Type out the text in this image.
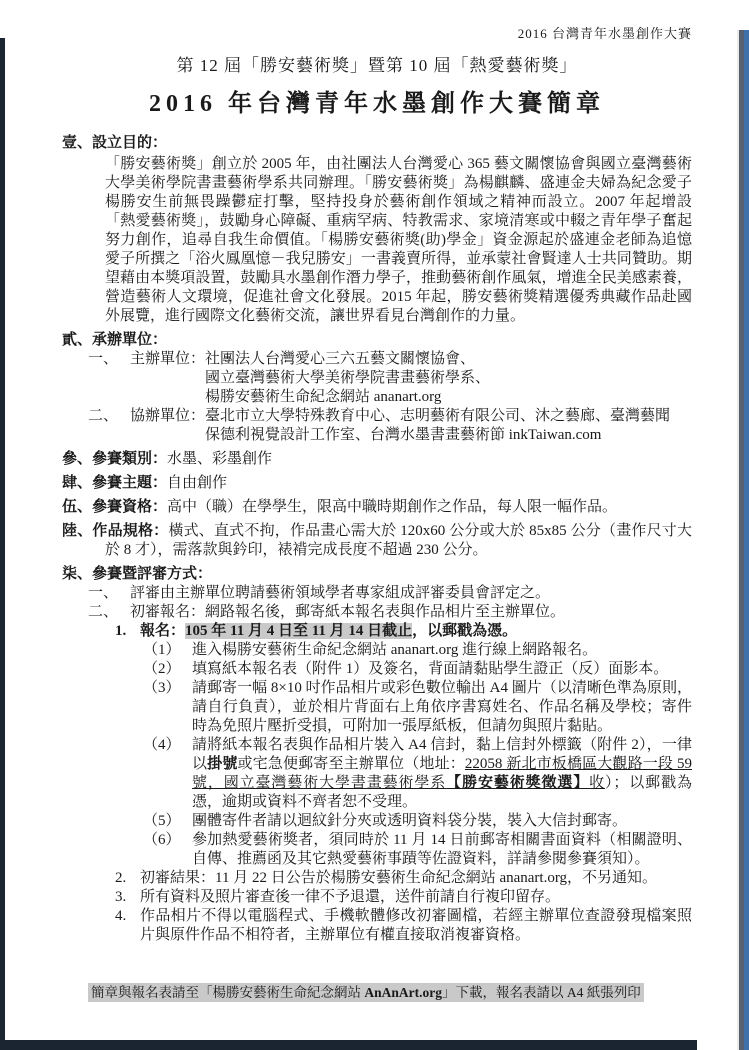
2016 台灣青年水墨創作大賽
第 12 屆「勝安藝術獎」暨第 10 屆「熱愛藝術獎」
2016 年台灣青年水墨創作大賽簡章
壹、設立目的：
「勝安藝術獎」創立於 2005 年，由社團法人台灣愛心 365 藝文關懷協會與國立臺灣藝術大學美術學院書畫藝術學系共同辦理。「勝安藝術獎」為楊麒麟、盛連金夫婦為紀念愛子楊勝安生前無畏躁鬱症打擊，堅持投身於藝術創作領域之精神而設立。2007 年起增設「熱愛藝術獎」，鼓勵身心障礙、重病罕病、特教需求、家境清寒或中輟之青年學子奮起努力創作，追尋自我生命價值。「楊勝安藝術獎(助)學金」資金源起於盛連金老師為追憶愛子所撰之「浴火鳳凰憶－我兒勝安」一書義賣所得，並承蒙社會賢達人士共同贊助。期望藉由本獎項設置，鼓勵具水墨創作潛力學子，推動藝術創作風氣，增進全民美感素養，營造藝術人文環境，促進社會文化發展。2015 年起，勝安藝術獎精選優秀典藏作品赴國外展覽，進行國際文化藝術交流，讓世界看見台灣創作的力量。
貳、承辦單位：
一、 主辦單位：社團法人台灣愛心三六五藝文關懷協會、
國立臺灣藝術大學美術學院書畫藝術學系、
楊勝安藝術生命紀念網站 ananart.org
二、 協辦單位：臺北市立大學特殊教育中心、志明藝術有限公司、沐之藝廊、臺灣藝聞
保德利視覺設計工作室、台灣水墨書畫藝術節 inkTaiwan.com
參、參賽類別：水墨、彩墨創作
肆、參賽主題：自由創作
伍、參賽資格：高中（職）在學學生，限高中職時期創作之作品，每人限一幅作品。
陸、作品規格：橫式、直式不拘，作品畫心需大於 120x60 公分或大於 85x85 公分（畫作尺寸大於 8 才），需落款與鈐印，裱褙完成長度不超過 230 公分。
柒、參賽暨評審方式：
一、 評審由主辦單位聘請藝術領域學者專家組成評審委員會評定之。
二、 初審報名：網路報名後，郵寄紙本報名表與作品相片至主辦單位。
1. 報名：105 年 11 月 4 日至 11 月 14 日截止，以郵戳為憑。
（1） 進入楊勝安藝術生命紀念網站 ananart.org 進行線上網路報名。
（2） 填寫紙本報名表（附件 1）及簽名，背面請黏貼學生證正（反）面影本。
（3） 請郵寄一幅 8×10 吋作品相片或彩色數位輸出 A4 圖片（以清晰色準為原則，請自行負責），並於相片背面右上角依序書寫姓名、作品名稱及學校；寄件時為免照片壓折受損，可附加一張厚紙板，但請勿與照片黏貼。
（4） 請將紙本報名表與作品相片裝入 A4 信封，黏上信封外標籤（附件 2），一律以掛號或宅急便郵寄至主辦單位（地址：22058 新北市板橋區大觀路一段 59 號，國立臺灣藝術大學書畫藝術學系【勝安藝術獎徵選】收）；以郵戳為憑，逾期或資料不齊者恕不受理。
（5） 團體寄件者請以迴紋針分夾或透明資料袋分裝，裝入大信封郵寄。
（6） 參加熱愛藝術獎者，須同時於 11 月 14 日前郵寄相關書面資料（相關證明、自傳、推薦函及其它熱愛藝術事蹟等佐證資料，詳請參閱參賽須知）。
2. 初審結果：11 月 22 日公告於楊勝安藝術生命紀念網站 ananart.org，不另通知。
3. 所有資料及照片審查後一律不予退還，送件前請自行複印留存。
4. 作品相片不得以電腦程式、手機軟體修改初審圖檔，若經主辦單位查證發現檔案照片與原件作品不相符者，主辦單位有權直接取消複審資格。
簡章與報名表請至「楊勝安藝術生命紀念網站 AnAnArt.org」下載，報名表請以 A4 紙張列印
